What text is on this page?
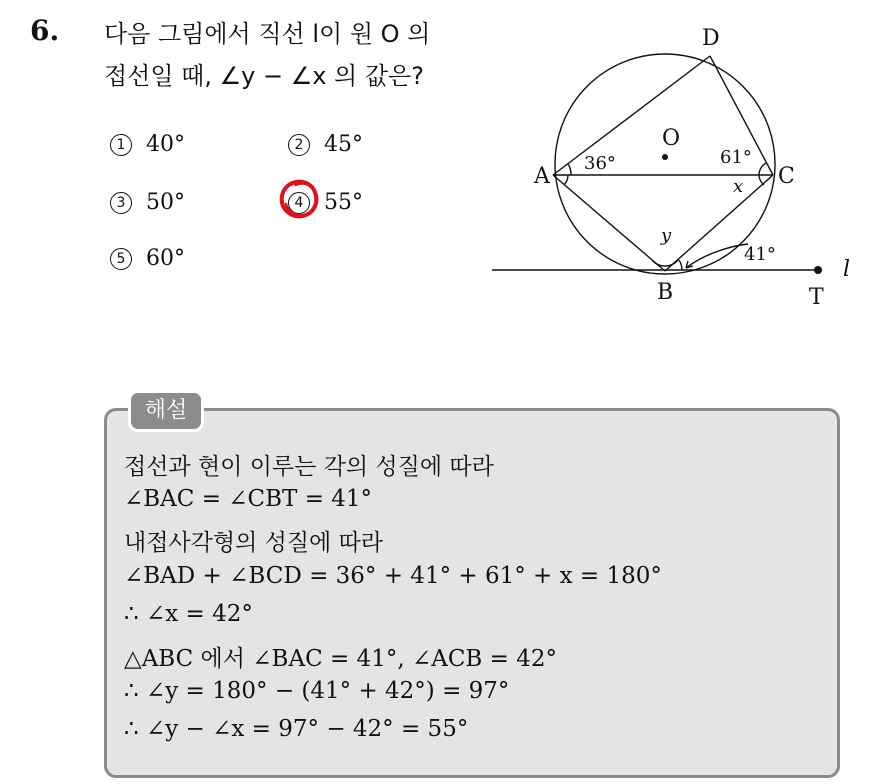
6. 다음 그림에서 직선 l이 원 O 의
접선일 때, ∠y − ∠x 의 값은?
1 40°	2 45°
3 50°	4 55°
5 60°
A
B
C
D
O
T
l
36°	61°
x
y
41°
해설
접선과 현이 이루는 각의 성질에 따라
∠BAC = ∠CBT = 41°
내접사각형의 성질에 따라
∠BAD + ∠BCD = 36° + 41° + 61° + x = 180°
∴ ∠x = 42°
△ABC 에서 ∠BAC = 41°, ∠ACB = 42°
∴ ∠y = 180° − (41° + 42°) = 97°
∴ ∠y − ∠x = 97° − 42° = 55°
